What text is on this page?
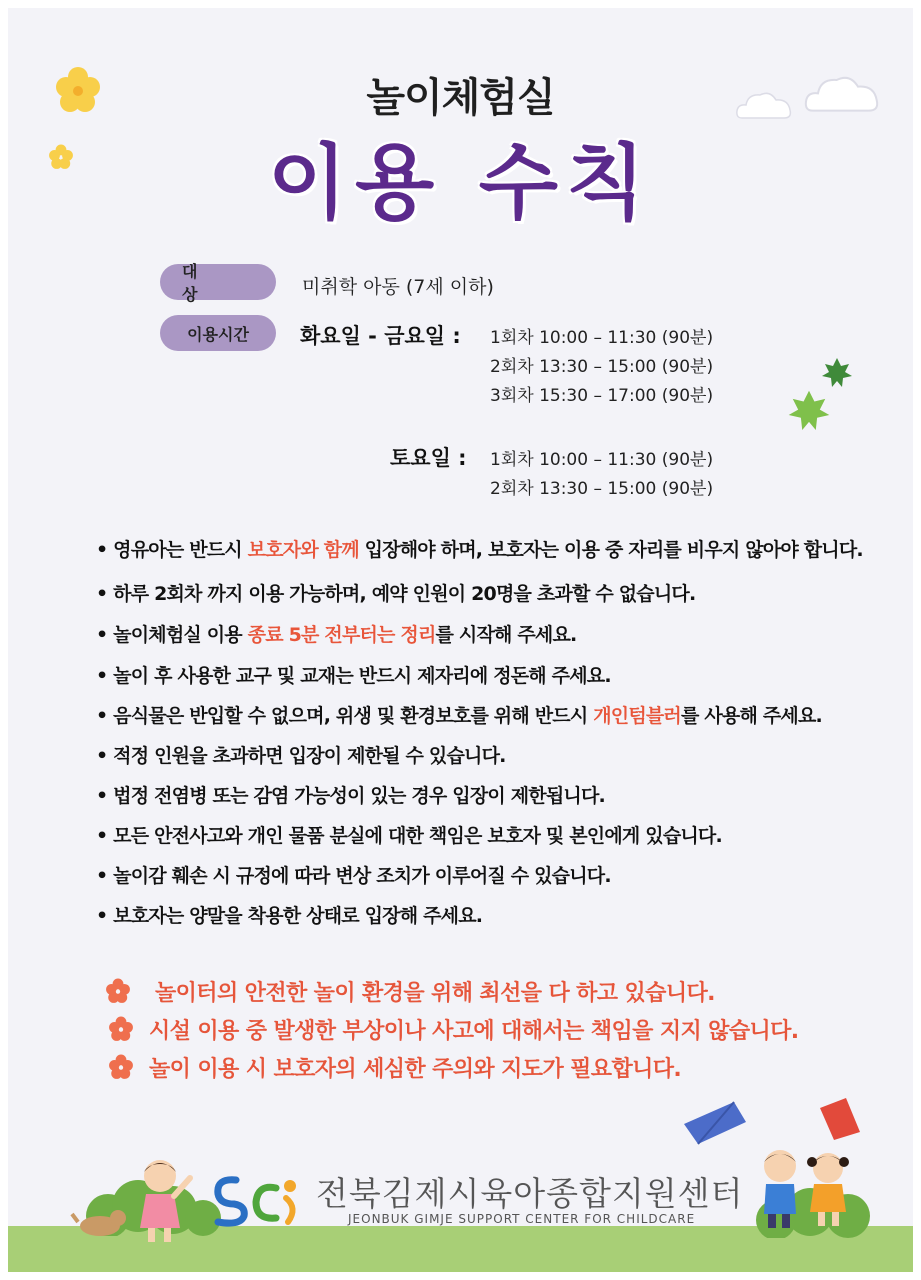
놀이체험실
이용 수칙
대 상	미취학 아동 (7세 이하)
이용시간	화요일 - 금요일 : 1회차 10:00 – 11:30 (90분)
2회차 13:30 – 15:00 (90분)
3회차 15:30 – 17:00 (90분)
토요일 : 1회차 10:00 – 11:30 (90분)
2회차 13:30 – 15:00 (90분)
• 영유아는 반드시 보호자와 함께 입장해야 하며, 보호자는 이용 중 자리를 비우지 않아야 합니다.
• 하루 2회차 까지 이용 가능하며, 예약 인원이 20명을 초과할 수 없습니다.
• 놀이체험실 이용 종료 5분 전부터는 정리를 시작해 주세요.
• 놀이 후 사용한 교구 및 교재는 반드시 제자리에 정돈해 주세요.
• 음식물은 반입할 수 없으며, 위생 및 환경보호를 위해 반드시 개인텀블러를 사용해 주세요.
• 적정 인원을 초과하면 입장이 제한될 수 있습니다.
• 법정 전염병 또는 감염 가능성이 있는 경우 입장이 제한됩니다.
• 모든 안전사고와 개인 물품 분실에 대한 책임은 보호자 및 본인에게 있습니다.
• 놀이감 훼손 시 규정에 따라 변상 조치가 이루어질 수 있습니다.
• 보호자는 양말을 착용한 상태로 입장해 주세요.
놀이터의 안전한 놀이 환경을 위해 최선을 다 하고 있습니다.
시설 이용 중 발생한 부상이나 사고에 대해서는 책임을 지지 않습니다.
놀이 이용 시 보호자의 세심한 주의와 지도가 필요합니다.
전북김제시육아종합지원센터
JEONBUK GIMJE SUPPORT CENTER FOR CHILDCARE
